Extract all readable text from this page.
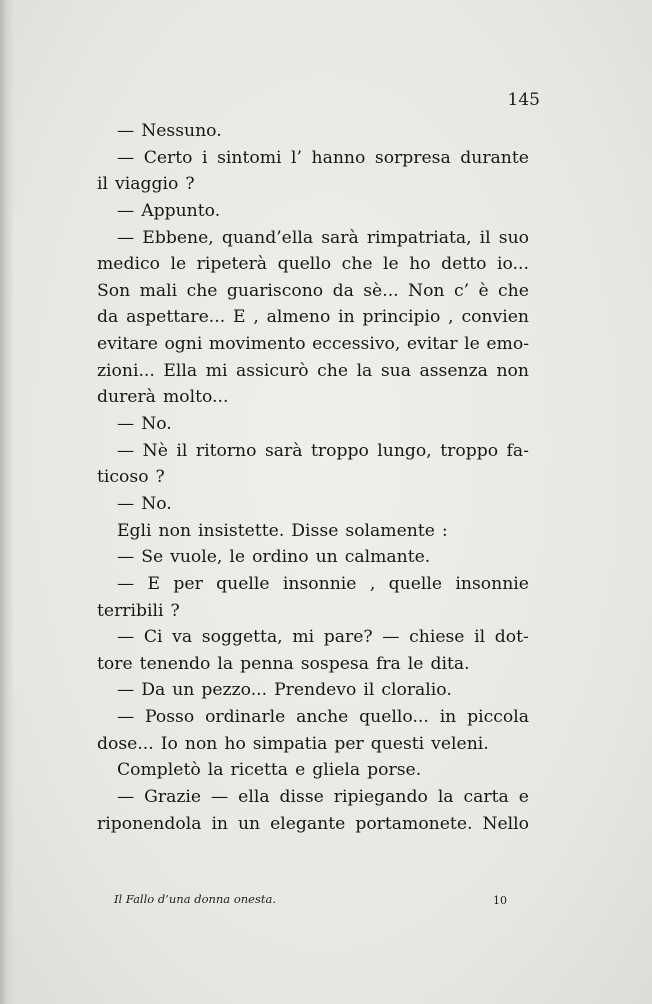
145
— Nessuno.
— Certo i sintomi l’ hanno sorpresa durante
il viaggio ?
— Appunto.
— Ebbene, quand’ella sarà rimpatriata, il suo
medico le ripeterà quello che le ho detto io...
Son mali che guariscono da sè... Non c’ è che
da aspettare... E , almeno in principio , convien
evitare ogni movimento eccessivo, evitar le emo-
zioni... Ella mi assicurò che la sua assenza non
durerà molto...
— No.
— Nè il ritorno sarà troppo lungo, troppo fa-
ticoso ?
— No.
Egli non insistette. Disse solamente :
— Se vuole, le ordino un calmante.
— E per quelle insonnie , quelle insonnie
terribili ?
— Ci va soggetta, mi pare? — chiese il dot-
tore tenendo la penna sospesa fra le dita.
— Da un pezzo... Prendevo il cloralio.
— Posso ordinarle anche quello... in piccola
dose... Io non ho simpatia per questi veleni.
Completò la ricetta e gliela porse.
— Grazie — ella disse ripiegando la carta e
riponendola in un elegante portamonete. Nello
Il Fallo d’una donna onesta.	10
